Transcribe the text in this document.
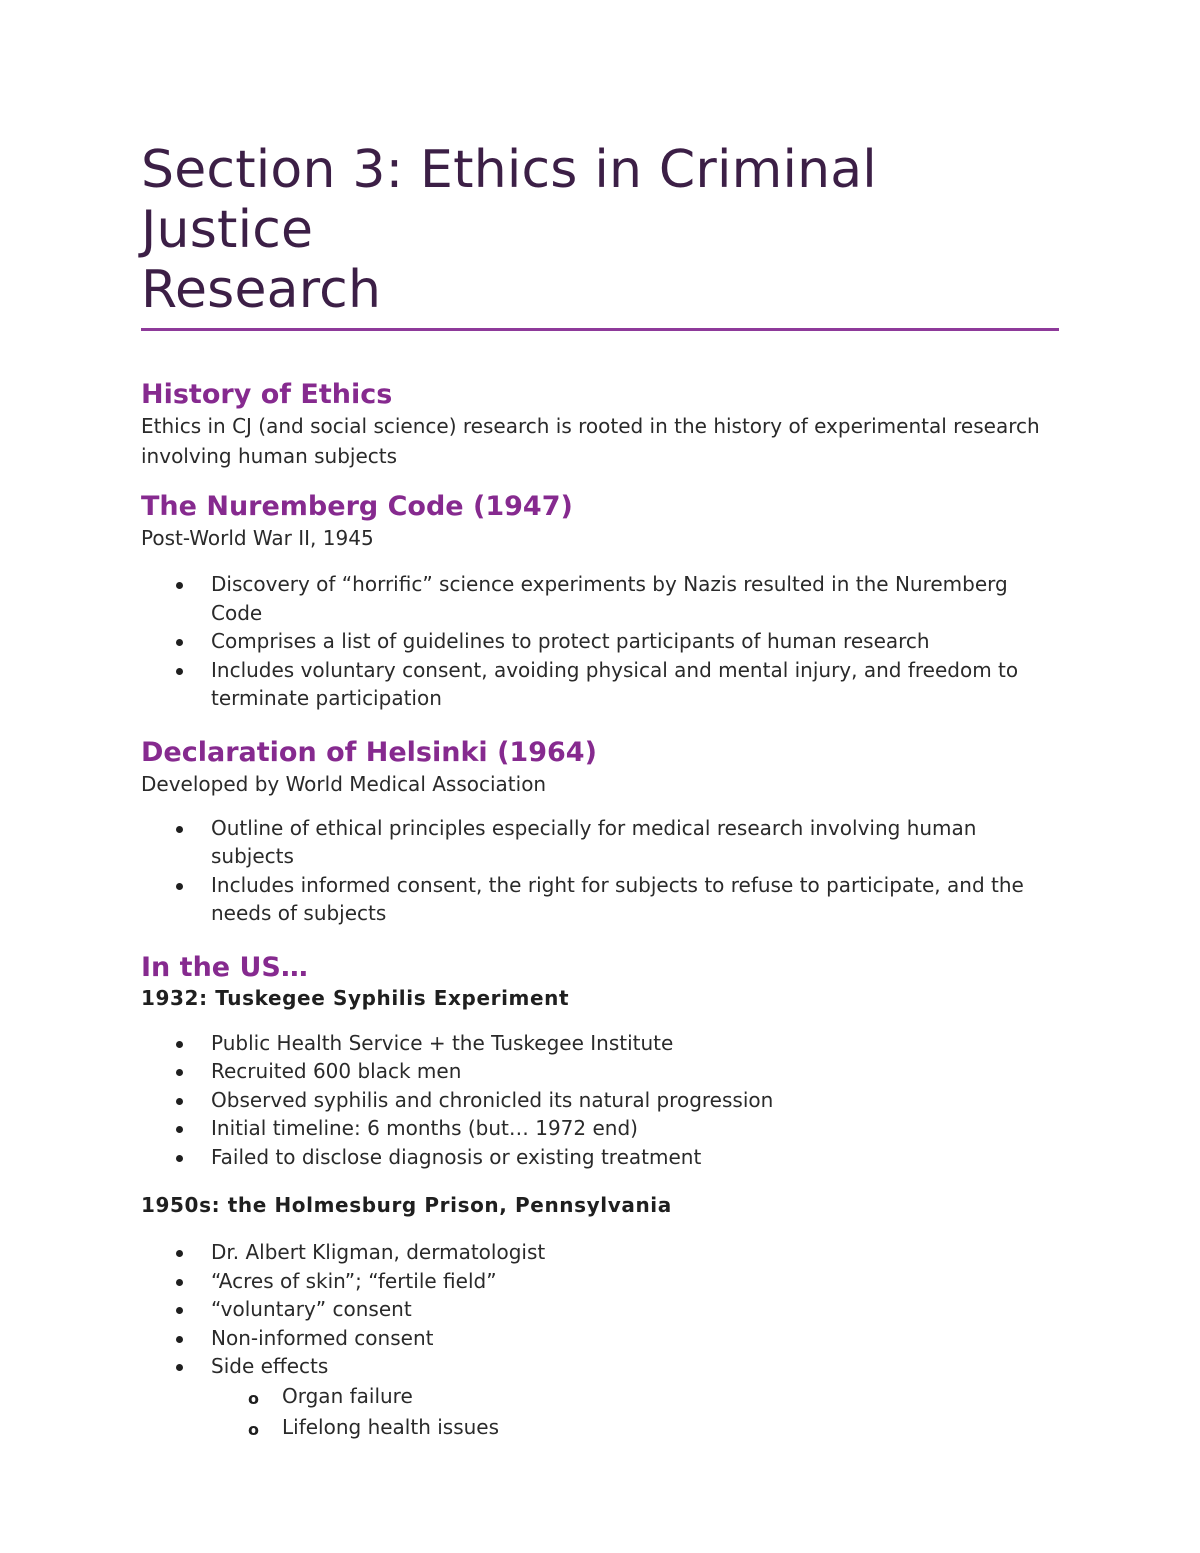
Section 3: Ethics in Criminal Justice
Research
History of Ethics

Ethics in CJ (and social science) research is rooted in the history of experimental research involving human subjects

The Nuremberg Code (1947)

Post-World War II, 1945

Discovery of “horrific” science experiments by Nazis resulted in the Nuremberg Code
Comprises a list of guidelines to protect participants of human research
Includes voluntary consent, avoiding physical and mental injury, and freedom to terminate participation
Declaration of Helsinki (1964)

Developed by World Medical Association

Outline of ethical principles especially for medical research involving human subjects
Includes informed consent, the right for subjects to refuse to participate, and the needs of subjects
In the US…
1932: Tuskegee Syphilis Experiment
Public Health Service + the Tuskegee Institute
Recruited 600 black men
Observed syphilis and chronicled its natural progression
Initial timeline: 6 months (but… 1972 end)
Failed to disclose diagnosis or existing treatment
1950s: the Holmesburg Prison, Pennsylvania
Dr. Albert Kligman, dermatologist
“Acres of skin”; “fertile field”
“voluntary” consent
Non-informed consent
Side effects
o Organ failure
o Lifelong health issues
